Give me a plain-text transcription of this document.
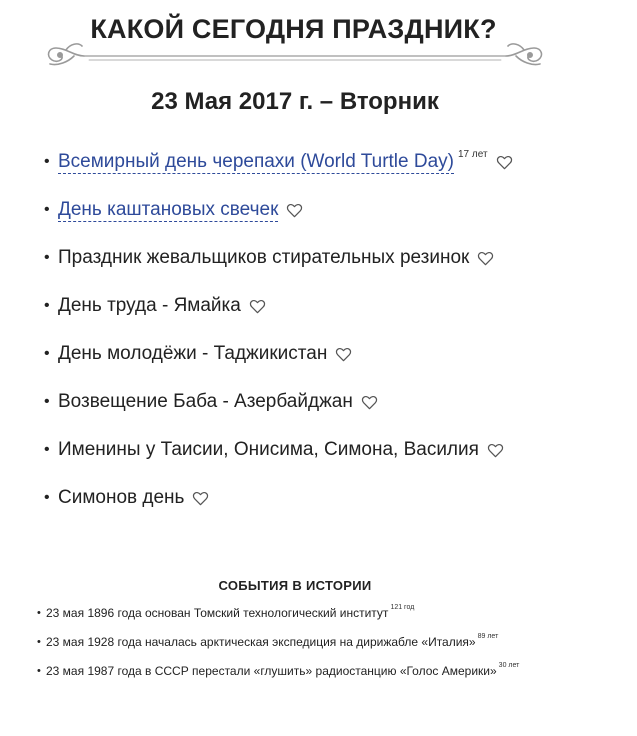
КАКОЙ СЕГОДНЯ ПРАЗДНИК?
23 Мая 2017 г. – Вторник
• Всемирный день черепахи (World Turtle Day) $^{17 лет}$
• День каштановых свечек
• Праздник жевальщиков стирательных резинок
• День труда - Ямайка
• День молодёжи - Таджикистан
• Возвещение Баба - Азербайджан
• Именины у Таисии, Онисима, Симона, Василия
• Симонов день
СОБЫТИЯ В ИСТОРИИ
• 23 мая 1896 года основан Томский технологический институт $^{121 год}$
• 23 мая 1928 года началась арктическая экспедиция на дирижабле «Италия» $^{89 лет}$
• 23 мая 1987 года в СССР перестали «глушить» радиостанцию «Голос Америки» $^{30 лет}$
